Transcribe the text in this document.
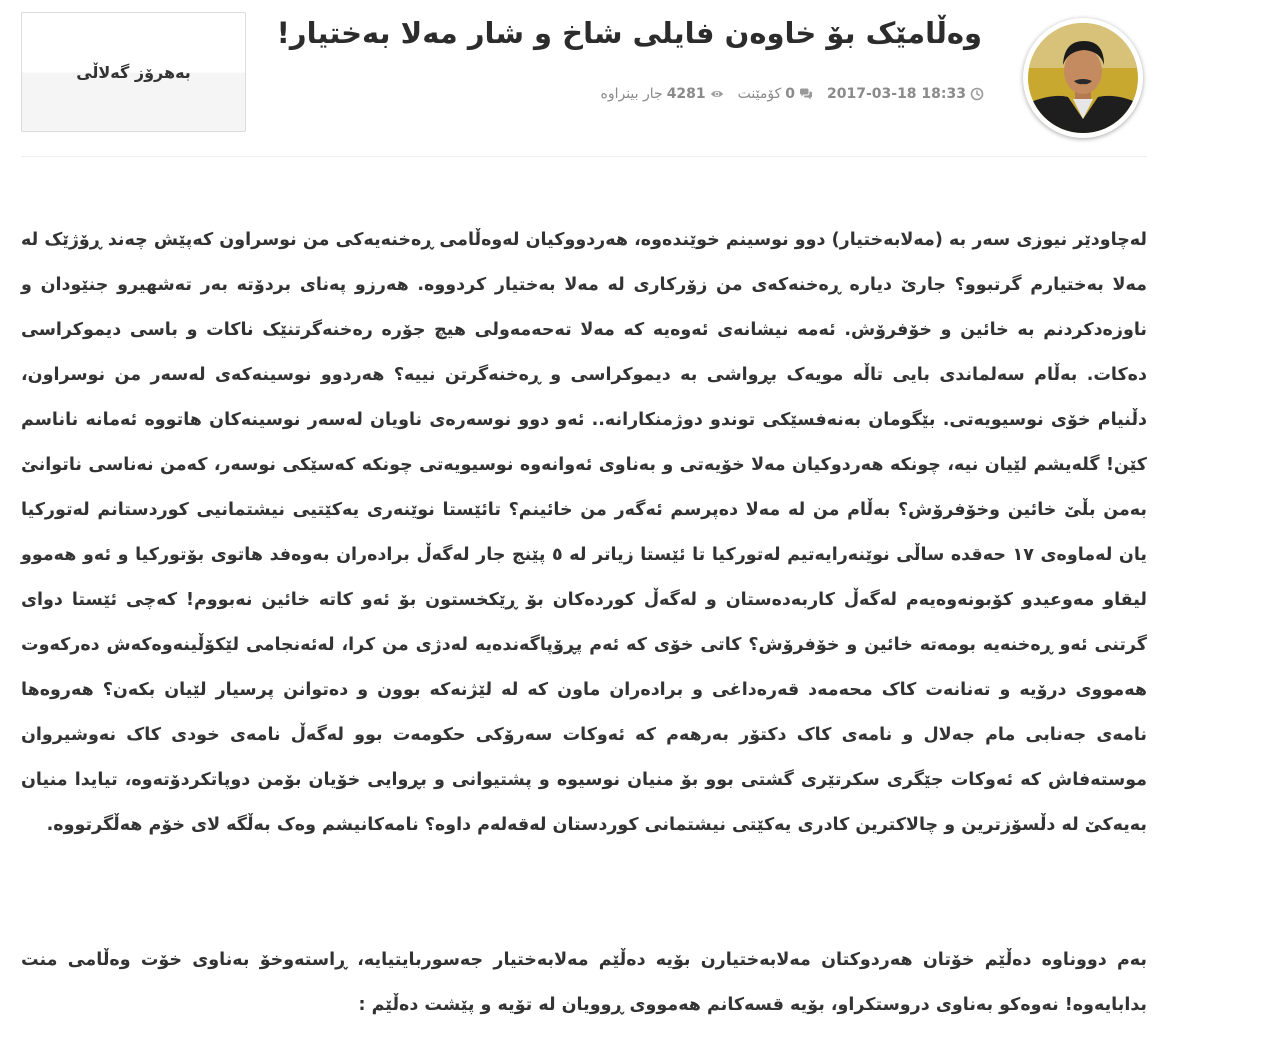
بەهرۆز گەلاڵی
وەڵامێک بۆ خاوەن فایلی شاخ و شار مەلا بەختیار!
2017-03-18 18:33
0
کۆمێنت
4281
جار بینراوە

لەچاودێر نیوزی سەر بە (مەلابەختیار) دوو نوسینم خوێندەوە، هەردووکیان لەوەڵامی ڕەخنەیەکی من نوسراون کەپێش چەند ڕۆژێک لە مەلا بەختیارم گرتبوو؟ جارێ دیارە ڕەخنەکەی من زۆرکاری لە مەلا بەختیار کردووە. هەرزو پەنای بردۆتە بەر تەشهیرو جنێودان و ناوزەدکردنم بە خائین و خۆفرۆش. ئەمە نیشانەی ئەوەیە کە مەلا تەحەمەولی هیچ جۆرە رەخنەگرتنێک ناکات و باسی دیموکراسی دەکات. بەڵام سەلماندی بایی تاڵە مویەک بڕواشی بە دیموکراسی و ڕەخنەگرتن نییە؟ هەردوو نوسینەکەی لەسەر من نوسراون، دڵنیام خۆی نوسیویەتی. بێگومان بەنەفسێکی توندو دوژمنکارانە.. ئەو دوو نوسەرەی ناویان لەسەر نوسینەکان هاتووە ئەمانە ناناسم کێن! گلەیشم لێیان نیە، چونکە هەردوکیان مەلا خۆیەتی و بەناوی ئەوانەوە نوسیویەتی چونکە کەسێکی نوسەر، کەمن نەناسی ناتوانێ بەمن بڵێ خائین وخۆفرۆش؟ بەڵام من لە مەلا دەپرسم ئەگەر من خائینم؟ تائێستا نوێنەری یەکێتیی نیشتمانیی کوردستانم لەتورکیا یان لەماوەی ١٧ حەقدە ساڵی نوێنەرایەتیم لەتورکیا تا ئێستا زیاتر لە ٥ پێنج جار لەگەڵ برادەران بەوەفد هاتوی بۆتورکیا و ئەو هەموو لیقاو مەوعیدو کۆبونەوەیەم لەگەڵ کاربەدەستان و لەگەڵ کوردەکان بۆ ڕێکخستون بۆ ئەو کاتە خائین نەبووم! کەچی ئێستا دوای گرتنی ئەو ڕەخنەیە بومەتە خائین و خۆفرۆش؟ کاتی خۆی کە ئەم پڕۆپاگەندەیە لەدژی من کرا، لەئەنجامی لێکۆڵینەوەکەش دەرکەوت هەمووی درۆیە و تەنانەت کاک محەمەد قەرەداغی و برادەران ماون کە لە لێژنەکە بوون و دەتوانن پرسیار لێیان بکەن؟ هەروەها نامەی جەنابی مام جەلال و نامەی کاک دکتۆر بەرهەم کە ئەوکات سەرۆکی حکومەت بوو لەگەڵ نامەی خودی کاک نەوشیروان موستەفاش کە ئەوکات جێگری سکرتێری گشتی بوو بۆ منیان نوسیوە و پشتیوانی و بڕوایی خۆیان بۆمن دوپاتکردۆتەوە، تیایدا منیان بەیەکێ لە دڵسۆزترین و چالاکترین کادری یەکێتی نیشتمانی کوردستان لەقەلەم داوە؟ نامەکانیشم وەک بەڵگە لای خۆم هەڵگرتووە.

بەم دووناوە دەڵێم خۆتان هەردوکتان مەلابەختیارن بۆیە دەڵێم مەلابەختیار جەسوربایتیایە، ڕاستەوخۆ بەناوی خۆت وەڵامی منت بدابایەوە! نەوەکو بەناوی دروستکراو، بۆیە قسەکانم هەمووی ڕوویان لە تۆیە و پێشت دەڵێم :
